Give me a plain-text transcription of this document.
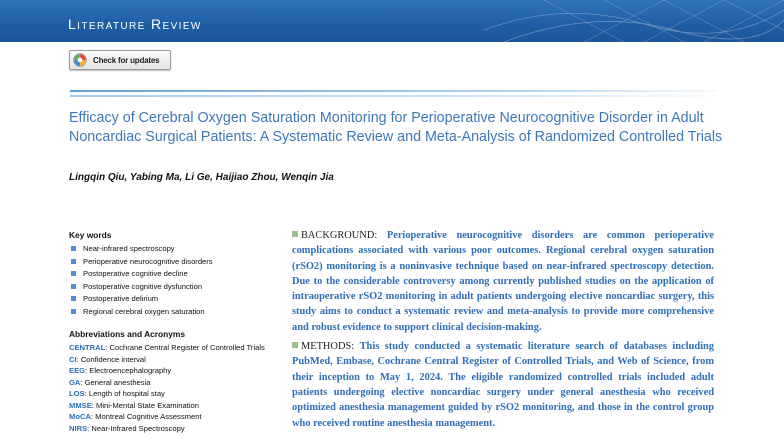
Literature Review
Check for updates
Efficacy of Cerebral Oxygen Saturation Monitoring for Perioperative Neurocognitive Disorder in Adult Noncardiac Surgical Patients: A Systematic Review and Meta-Analysis of Randomized Controlled Trials
Lingqin Qiu, Yabing Ma, Li Ge, Haijiao Zhou, Wenqin Jia
Key words
Near-infrared spectroscopy
Perioperative neurocognitive disorders
Postoperative cognitive decline
Postoperative cognitive dysfunction
Postoperative delirium
Regional cerebral oxygen saturation
Abbreviations and Acronyms
CENTRAL: Cochrane Central Register of Controlled Trials
CI: Confidence interval
EEG: Electroencephalography
GA: General anesthesia
LOS: Length of hospital stay
MMSE: Mini-Mental State Examination
MoCA: Montreal Cognitive Assessment
NIRS: Near-Infrared Spectroscopy

BACKGROUND: Perioperative neurocognitive disorders are common perioperative complications associated with various poor outcomes. Regional cerebral oxygen saturation (rSO2) monitoring is a noninvasive technique based on near-infrared spectroscopy detection. Due to the considerable controversy among currently published studies on the application of intraoperative rSO2 monitoring in adult patients undergoing elective noncardiac surgery, this study aims to conduct a systematic review and meta-analysis to provide more comprehensive and robust evidence to support clinical decision-making.

METHODS: This study conducted a systematic literature search of databases including PubMed, Embase, Cochrane Central Register of Controlled Trials, and Web of Science, from their inception to May 1, 2024. The eligible randomized controlled trials included adult patients undergoing elective noncardiac surgery under general anesthesia who received optimized anesthesia management guided by rSO2 monitoring, and those in the control group who received routine anesthesia management.
